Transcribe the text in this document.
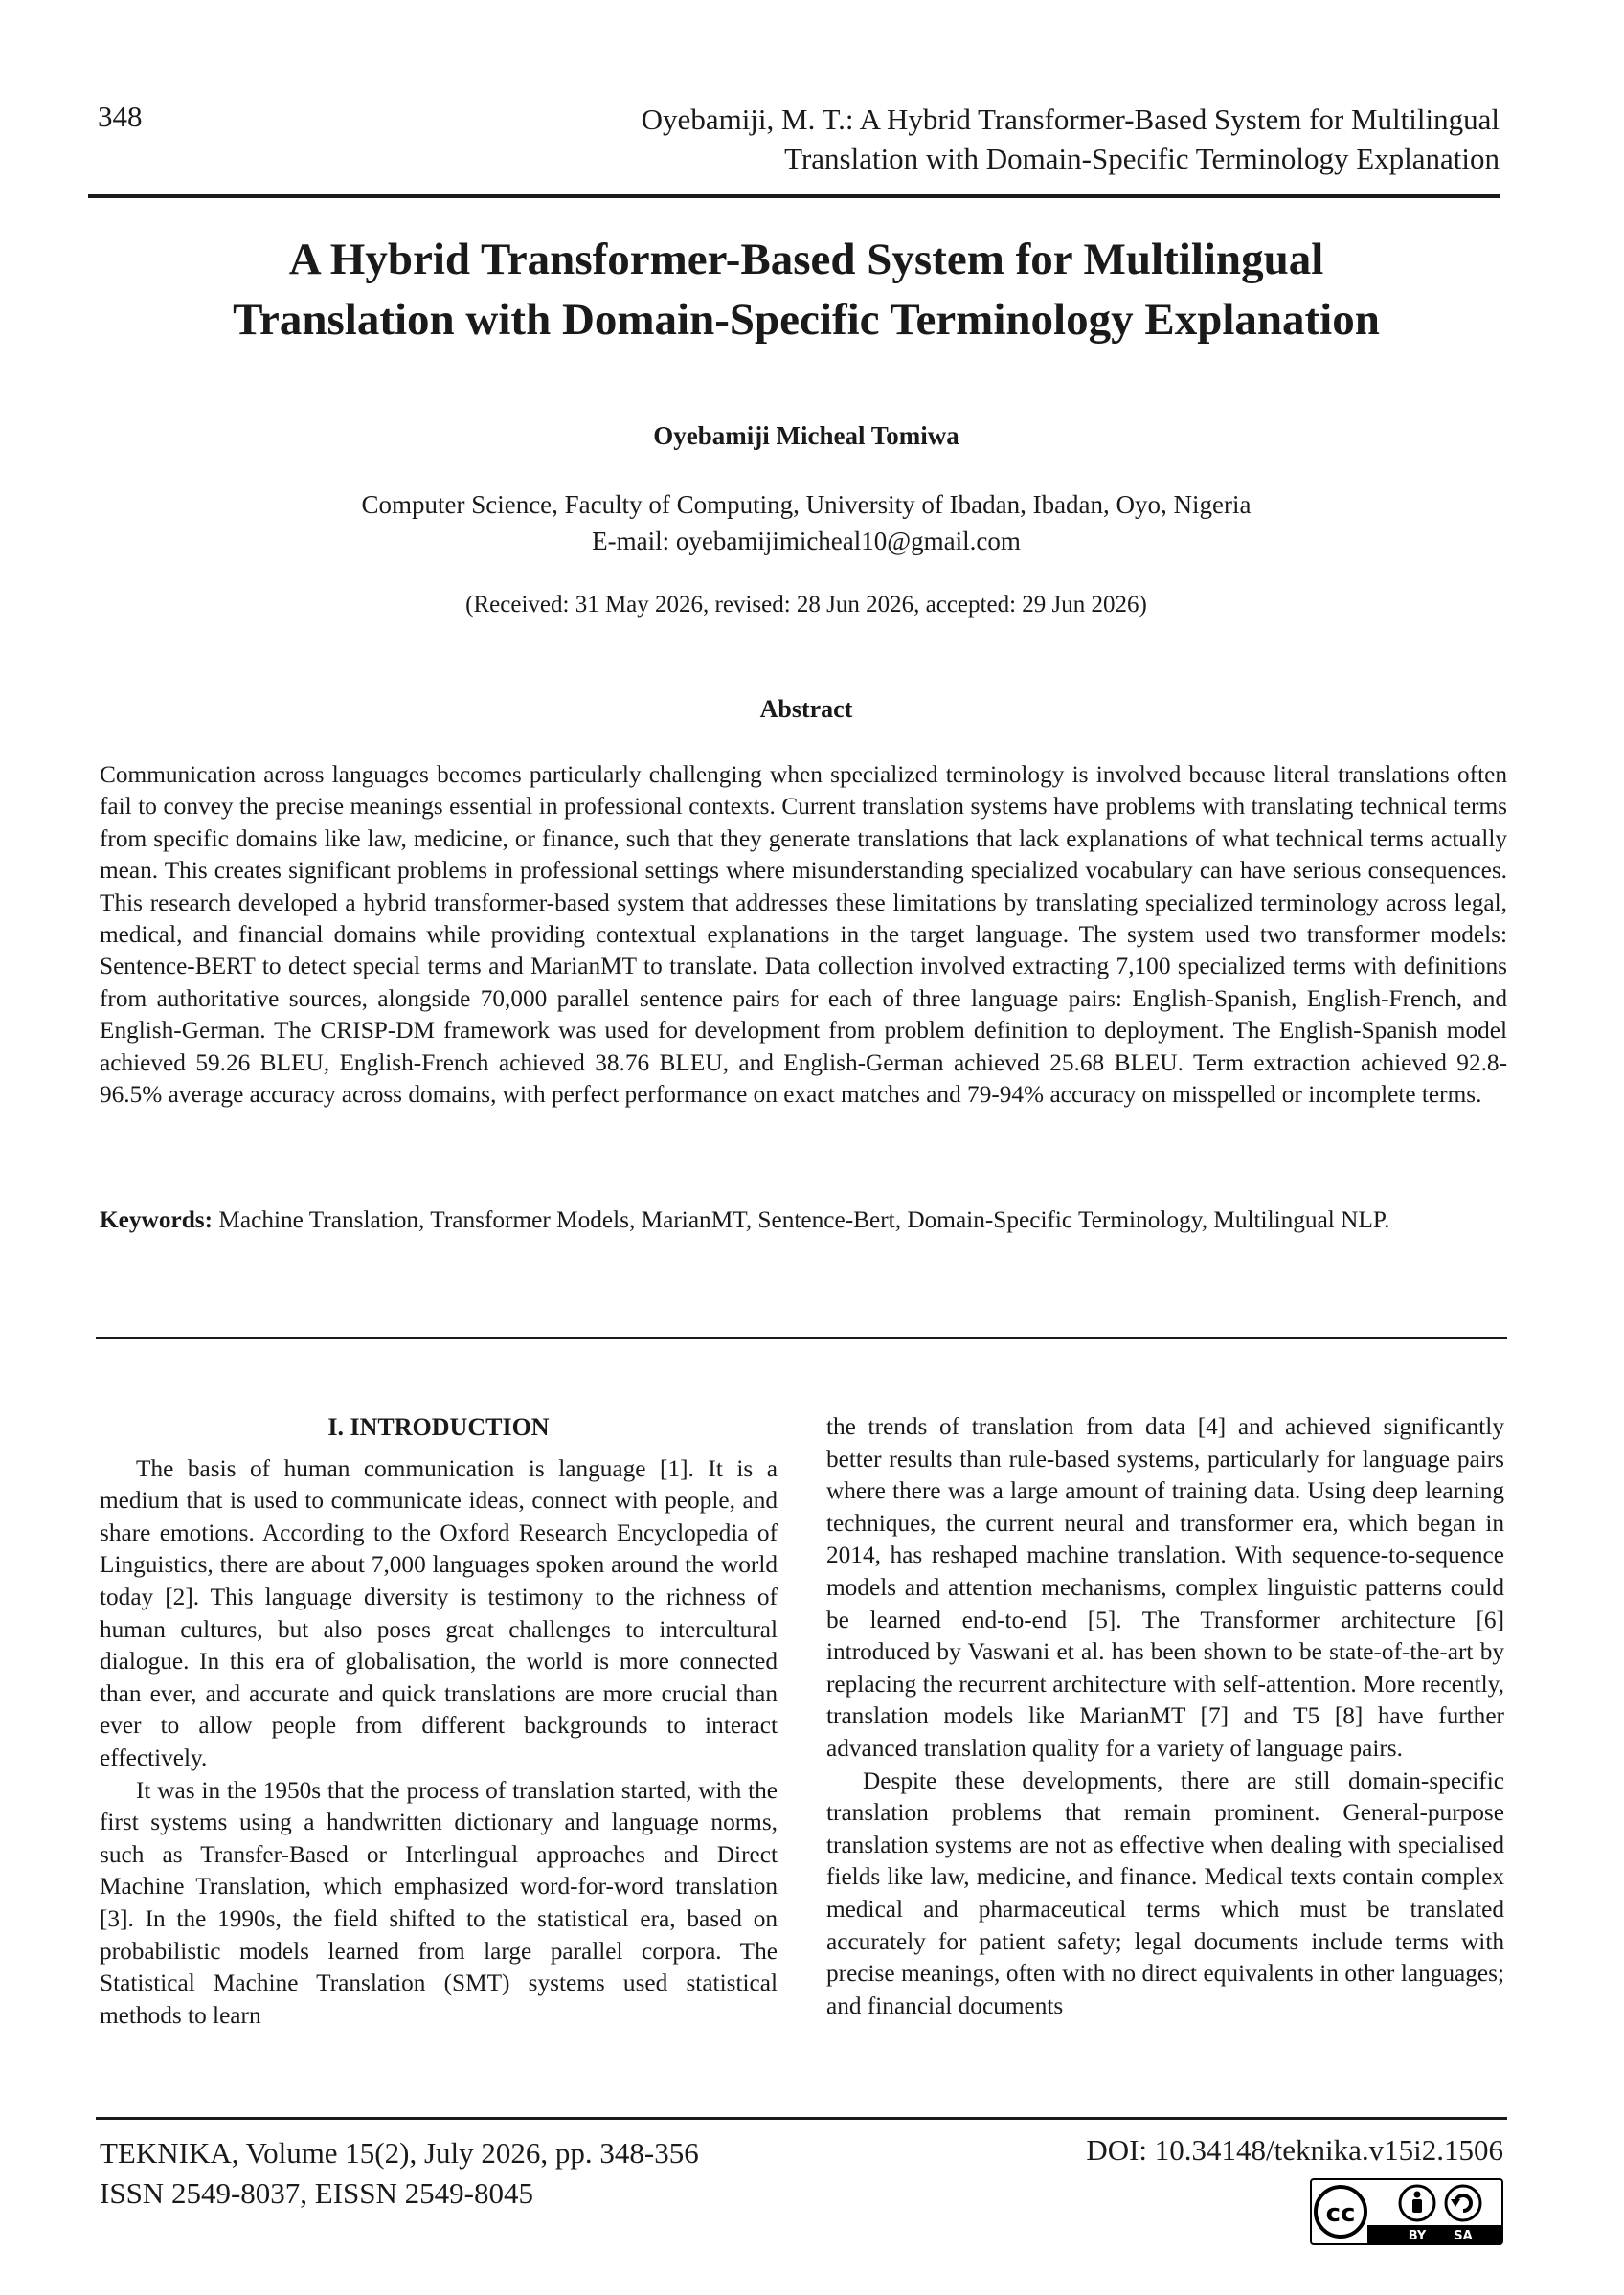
348	Oyebamiji, M. T.: A Hybrid Transformer-Based System for Multilingual
Translation with Domain-Specific Terminology Explanation
A Hybrid Transformer-Based System for Multilingual
Translation with Domain-Specific Terminology Explanation
Oyebamiji Micheal Tomiwa
Computer Science, Faculty of Computing, University of Ibadan, Ibadan, Oyo, Nigeria
E-mail: oyebamijimicheal10@gmail.com
(Received: 31 May 2026, revised: 28 Jun 2026, accepted: 29 Jun 2026)
Abstract
Communication across languages becomes particularly challenging when specialized terminology is involved because literal translations often fail to convey the precise meanings essential in professional contexts. Current translation systems have problems with translating technical terms from specific domains like law, medicine, or finance, such that they generate translations that lack explanations of what technical terms actually mean. This creates significant problems in professional settings where misunderstanding specialized vocabulary can have serious consequences. This research developed a hybrid transformer-based system that addresses these limitations by translating specialized terminology across legal, medical, and financial domains while providing contextual explanations in the target language. The system used two transformer models: Sentence-BERT to detect special terms and MarianMT to translate. Data collection involved extracting 7,100 specialized terms with definitions from authoritative sources, alongside 70,000 parallel sentence pairs for each of three language pairs: English-Spanish, English-French, and English-German. The CRISP-DM framework was used for development from problem definition to deployment. The English-Spanish model achieved 59.26 BLEU, English-French achieved 38.76 BLEU, and English-German achieved 25.68 BLEU. Term extraction achieved 92.8-96.5% average accuracy across domains, with perfect performance on exact matches and 79-94% accuracy on misspelled or incomplete terms.
Keywords: Machine Translation, Transformer Models, MarianMT, Sentence-Bert, Domain-Specific Terminology, Multilingual NLP.
I. INTRODUCTION

The basis of human communication is language [1]. It is a medium that is used to communicate ideas, connect with people, and share emotions. According to the Oxford Research Encyclopedia of Linguistics, there are about 7,000 languages spoken around the world today [2]. This language diversity is testimony to the richness of human cultures, but also poses great challenges to intercultural dialogue. In this era of globalisation, the world is more connected than ever, and accurate and quick translations are more crucial than ever to allow people from different backgrounds to interact effectively.

It was in the 1950s that the process of translation started, with the first systems using a handwritten dictionary and language norms, such as Transfer-Based or Interlingual approaches and Direct Machine Translation, which emphasized word-for-word translation [3]. In the 1990s, the field shifted to the statistical era, based on probabilistic models learned from large parallel corpora. The Statistical Machine Translation (SMT) systems used statistical methods to learn

the trends of translation from data [4] and achieved significantly better results than rule-based systems, particularly for language pairs where there was a large amount of training data. Using deep learning techniques, the current neural and transformer era, which began in 2014, has reshaped machine translation. With sequence-to-sequence models and attention mechanisms, complex linguistic patterns could be learned end-to-end [5]. The Transformer architecture [6] introduced by Vaswani et al. has been shown to be state-of-the-art by replacing the recurrent architecture with self-attention. More recently, translation models like MarianMT [7] and T5 [8] have further advanced translation quality for a variety of language pairs.

Despite these developments, there are still domain-specific translation problems that remain prominent. General-purpose translation systems are not as effective when dealing with specialised fields like law, medicine, and finance. Medical texts contain complex medical and pharmaceutical terms which must be translated accurately for patient safety; legal documents include terms with precise meanings, often with no direct equivalents in other languages; and financial documents

TEKNIKA, Volume 15(2), July 2026, pp. 348-356
ISSN 2549-8037, EISSN 2549-8045
DOI: 10.34148/teknika.v15i2.1506
cc
BY SA
